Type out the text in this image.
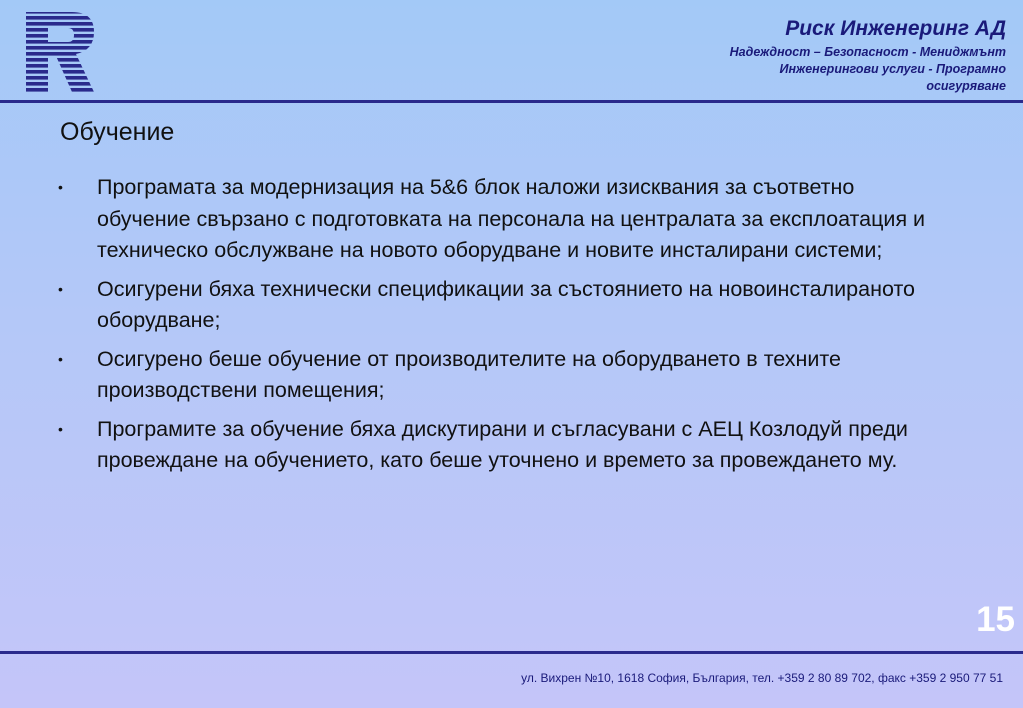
Риск Инженеринг АД
Надеждност – Безопасност - Мениджмънт
Инженерингови услуги - Програмно
осигуряване
Обучение
• Програмата за модернизация на 5&6 блок наложи изисквания за съответно обучение свързано с подготовката на персонала на централата за експлоатация и техническо обслужване на новото оборудване и новите инсталирани системи;
• Осигурени бяха технически спецификации за състоянието на новоинсталираното оборудване;
• Осигурено беше обучение от производителите на оборудването в техните производствени помещения;
• Програмите за обучение бяха дискутирани и съгласувани с АЕЦ Козлодуй преди провеждане на обучението, като беше уточнено и времето за провеждането му.
15
ул. Вихрен №10, 1618 София, България, тел. +359 2 80 89 702, факс +359 2 950 77 51
